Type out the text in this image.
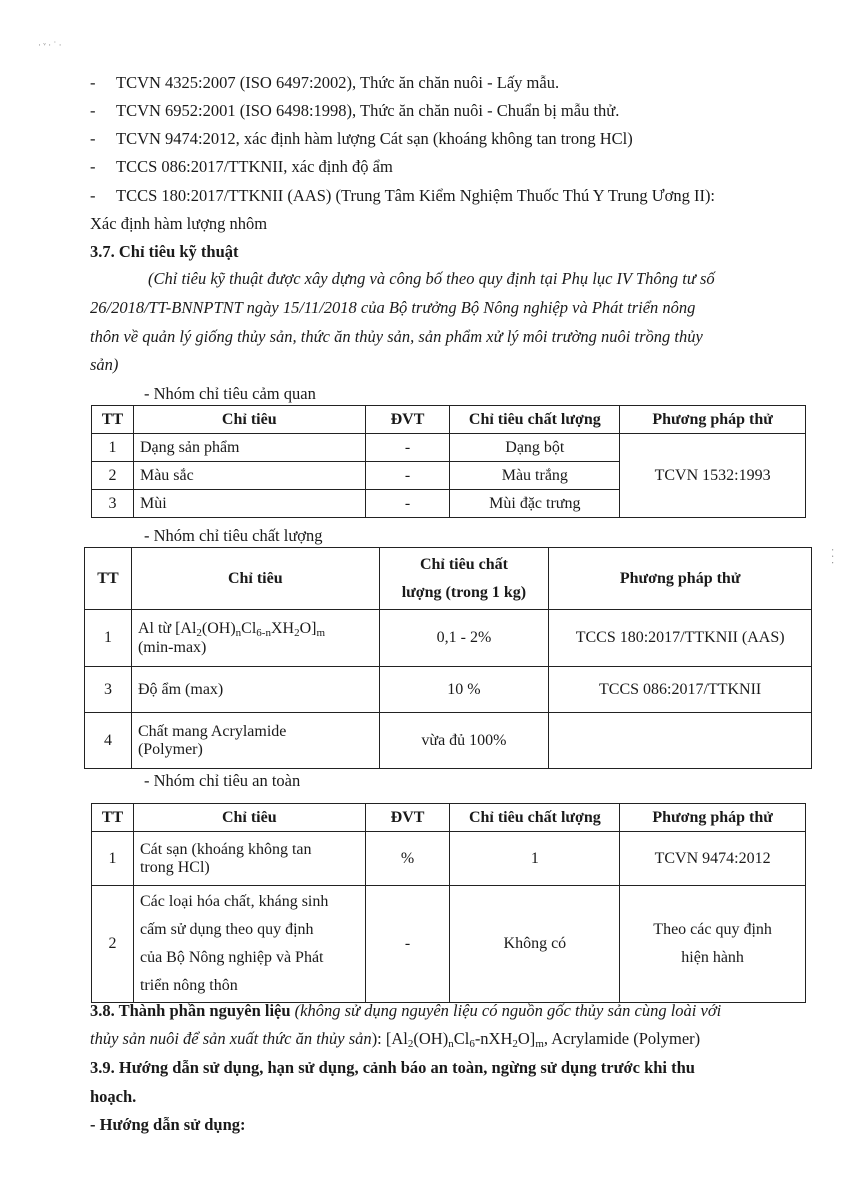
· ᵛ · ˙ ·
- TCVN 4325:2007 (ISO 6497:2002), Thức ăn chăn nuôi - Lấy mẫu.
- TCVN 6952:2001 (ISO 6498:1998), Thức ăn chăn nuôi - Chuẩn bị mẫu thử.
- TCVN 9474:2012, xác định hàm lượng Cát sạn (khoáng không tan trong HCl)
- TCCS 086:2017/TTKNII, xác định độ ẩm
- TCCS 180:2017/TTKNII (AAS) (Trung Tâm Kiểm Nghiệm Thuốc Thú Y Trung Ương II):
Xác định hàm lượng nhôm
3.7. Chỉ tiêu kỹ thuật
(Chỉ tiêu kỹ thuật được xây dựng và công bố theo quy định tại Phụ lục IV Thông tư số
26/2018/TT-BNNPTNT ngày 15/11/2018 của Bộ trưởng Bộ Nông nghiệp và Phát triển nông
thôn về quản lý giống thủy sản, thức ăn thủy sản, sản phẩm xử lý môi trường nuôi trồng thủy
sản)
- Nhóm chỉ tiêu cảm quan
TT	Chỉ tiêu	ĐVT	Chỉ tiêu chất lượng	Phương pháp thử
1	Dạng sản phẩm	-	Dạng bột	TCVN 1532:1993
2	Màu sắc	-	Màu trắng	
3	Mùi	-	Mùi đặc trưng	
- Nhóm chỉ tiêu chất lượng
TT	Chỉ tiêu	Chỉ tiêu chất
lượng (trong 1 kg)	Phương pháp thử
1	Al từ $[Al_2(OH)_nCl_{6-n}XH_2O]_m$
(min-max)	0,1 - 2%	TCCS 180:2017/TTKNII (AAS)
3	Độ ẩm (max)	10 %	TCCS 086:2017/TTKNII
4	Chất mang Acrylamide
(Polymer)	vừa đủ 100%	
- Nhóm chỉ tiêu an toàn
TT	Chỉ tiêu	ĐVT	Chỉ tiêu chất lượng	Phương pháp thử
1	Cát sạn (khoáng không tan
trong HCl)	%	1	TCVN 9474:2012
2	Các loại hóa chất, kháng sinh
cấm sử dụng theo quy định
của Bộ Nông nghiệp và Phát
triển nông thôn	-	Không có	Theo các quy định
hiện hành
3.8. Thành phần nguyên liệu (không sử dụng nguyên liệu có nguồn gốc thủy sản cùng loài với
thủy sản nuôi để sản xuất thức ăn thủy sản): $[Al_2(OH)_nCl_6-nXH_2O]_m$, Acrylamide (Polymer)
3.9. Hướng dẫn sử dụng, hạn sử dụng, cảnh báo an toàn, ngừng sử dụng trước khi thu
hoạch.
- Hướng dẫn sử dụng:
· · ·
